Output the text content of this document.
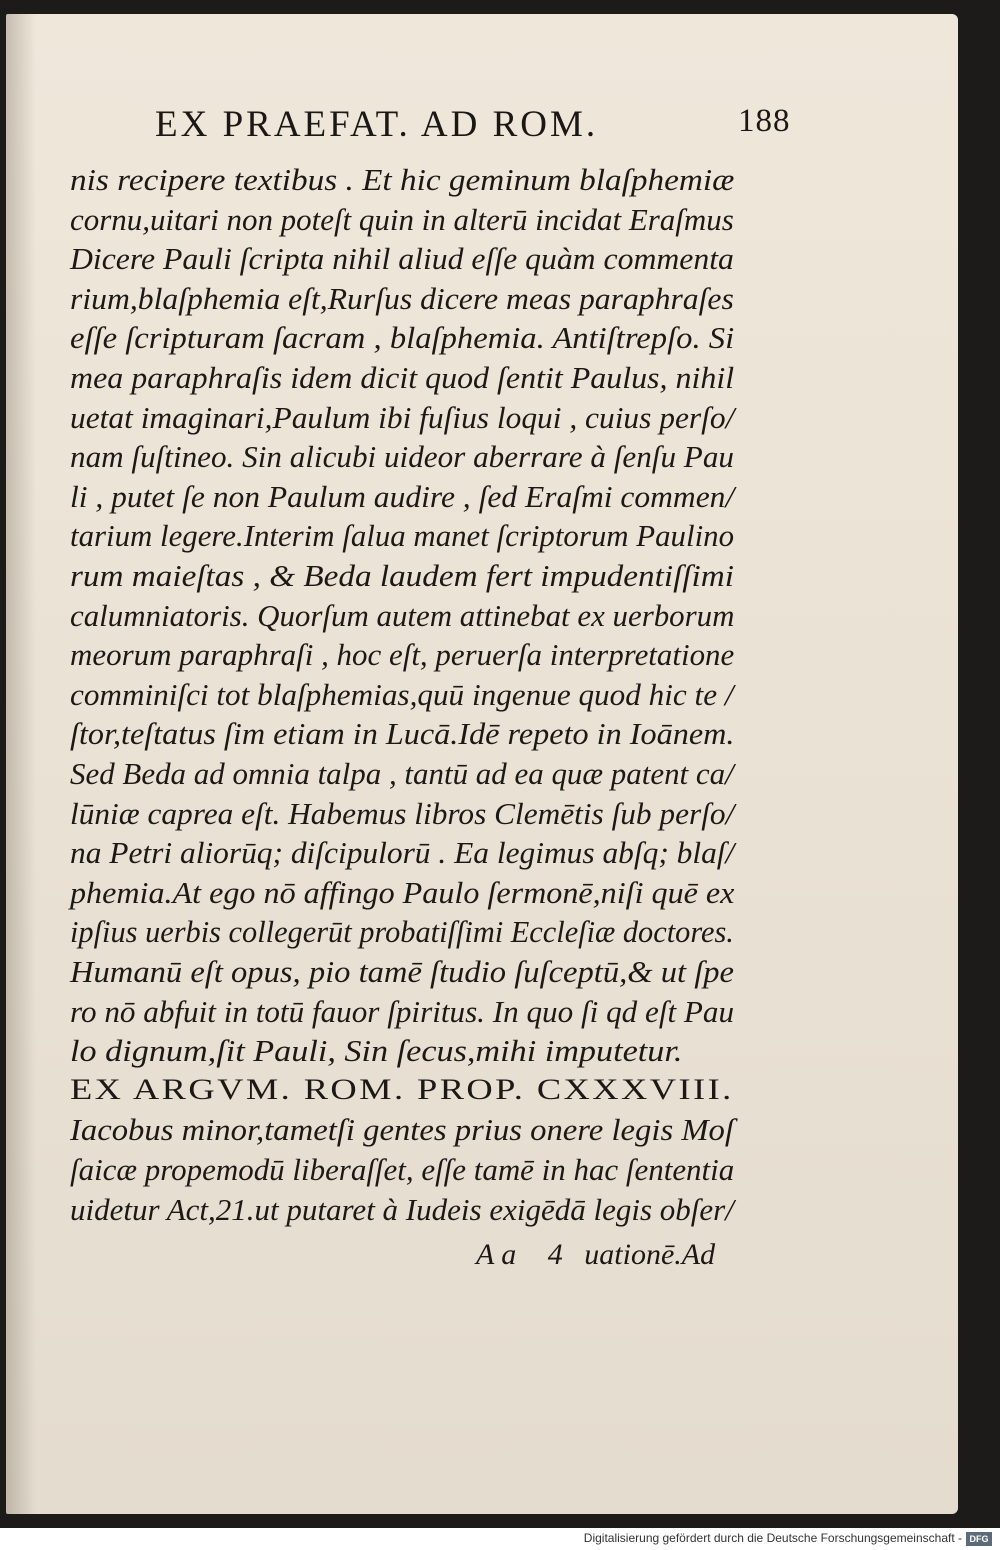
EX PRAEFAT. AD ROM.	188
nis recipere textibus . Et hic geminum blaſphemiæ
cornu,uitari non poteſt quin in alterū incidat Eraſmus
Dicere Pauli ſcripta nihil aliud eſſe quàm commenta
rium,blaſphemia eſt,Rurſus dicere meas paraphraſes
eſſe ſcripturam ſacram , blaſphemia. Antiſtrepſo. Si
mea paraphraſis idem dicit quod ſentit Paulus, nihil
uetat imaginari,Paulum ibi fuſius loqui , cuius perſo/
nam ſuſtineo. Sin alicubi uideor aberrare à ſenſu Pau
li , putet ſe non Paulum audire , ſed Eraſmi commen/
tarium legere.Interim ſalua manet ſcriptorum Paulino
rum maieſtas , & Beda laudem fert impudentiſſimi
calumniatoris. Quorſum autem attinebat ex uerborum
meorum paraphraſi , hoc eſt, peruerſa interpretatione
comminiſci tot blaſphemias,quū ingenue quod hic te /
ſtor,teſtatus ſim etiam in Lucā.Idē repeto in Ioānem.
Sed Beda ad omnia talpa , tantū ad ea quæ patent ca/
lūniæ caprea eſt. Habemus libros Clemētis ſub perſo/
na Petri aliorūq; diſcipulorū . Ea legimus abſq; blaſ/
phemia.At ego nō affingo Paulo ſermonē,niſi quē ex
ipſius uerbis collegerūt probatiſſimi Eccleſiæ doctores.
Humanū eſt opus, pio tamē ſtudio ſuſceptū,& ut ſpe
ro nō abfuit in totū fauor ſpiritus. In quo ſi qd eſt Pau
lo dignum,ſit Pauli, Sin ſecus,mihi imputetur.
EX ARGVM. ROM. PROP. CXXXVIII.
Iacobus minor,tametſi gentes prius onere legis Moſ
ſaicæ propemodū liberaſſet, eſſe tamē in hac ſententia
uidetur Act,21.ut putaret à Iudeis exigēdā legis obſer/
A a 4 uationē.Ad
Digitalisierung gefördert durch die Deutsche Forschungsgemeinschaft - DFG
